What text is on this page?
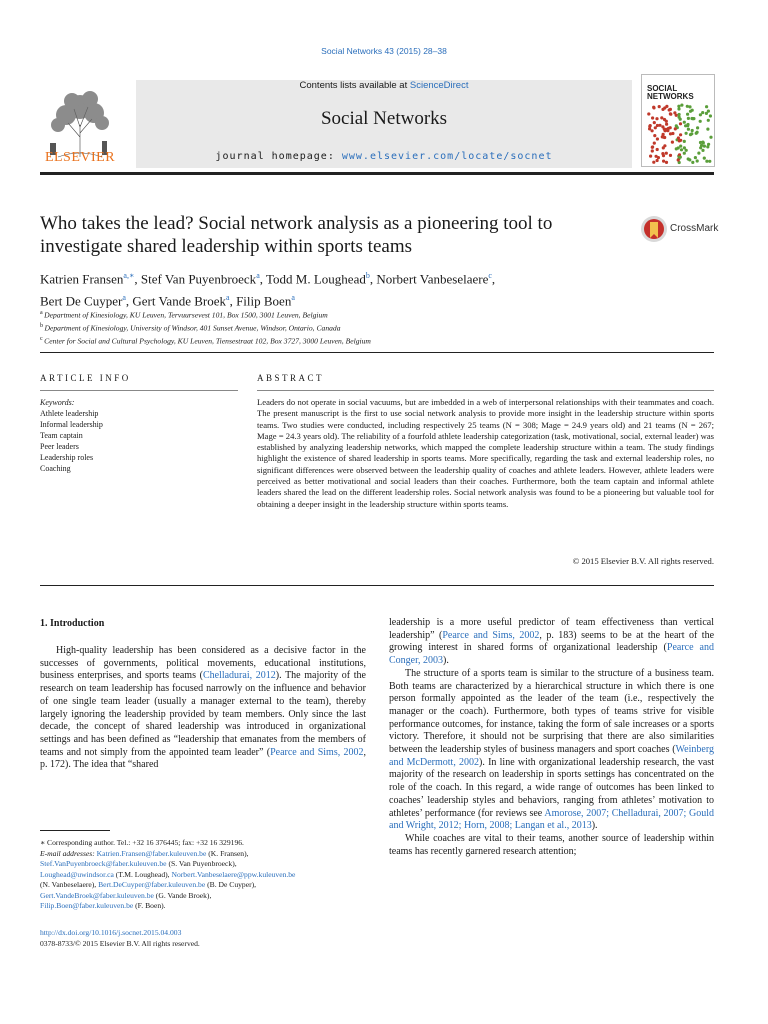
Social Networks 43 (2015) 28–38
Contents lists available at ScienceDirect
Social Networks
journal homepage: www.elsevier.com/locate/socnet
ELSEVIER
SOCIAL
NETWORKS
Who takes the lead? Social network analysis as a pioneering tool to
investigate shared leadership within sports teams
CrossMark
Katrien Fransen$^{a,∗}$, Stef Van Puyenbroeck$^a$, Todd M. Loughead$^b$, Norbert Vanbeselaere$^c$,
Bert De Cuyper$^a$, Gert Vande Broek$^a$, Filip Boen$^a$
$^a$ Department of Kinesiology, KU Leuven, Tervuursevest 101, Box 1500, 3001 Leuven, Belgium
$^b$ Department of Kinesiology, University of Windsor, 401 Sunset Avenue, Windsor, Ontario, Canada
$^c$ Center for Social and Cultural Psychology, KU Leuven, Tiensestraat 102, Box 3727, 3000 Leuven, Belgium
ARTICLE INFO	ABSTRACT
Keywords:
Athlete leadership
Informal leadership
Team captain
Peer leaders
Leadership roles
Coaching
Leaders do not operate in social vacuums, but are imbedded in a web of interpersonal relationships with their teammates and coach. The present manuscript is the first to use social network analysis to provide more insight in the leadership structure within sports teams. Two studies were conducted, including respectively 25 teams (N = 308; Mage = 24.9 years old) and 21 teams (N = 267; Mage = 24.3 years old). The reliability of a fourfold athlete leadership categorization (task, motivational, social, external leader) was established by analyzing leadership networks, which mapped the complete leadership structure within a team. The study findings highlight the existence of shared leadership in sports teams. More specifically, regarding the task and external leadership roles, no significant differences were observed between the leadership quality of coaches and athlete leaders. However, athlete leaders were perceived as better motivational and social leaders than their coaches. Furthermore, both the team captain and informal athlete leaders shared the lead on the different leadership roles. Social network analysis was found to be a pioneering but valuable tool for obtaining a deeper insight in the leadership structure within sports teams.
© 2015 Elsevier B.V. All rights reserved.
1. Introduction

High-quality leadership has been considered as a decisive factor in the successes of governments, political movements, educational institutions, business enterprises, and sports teams (Chelladurai, 2012). The majority of the research on team leadership has focused narrowly on the influence and behavior of one single team leader (usually a manager external to the team), thereby largely ignoring the leadership provided by team members. Only since the last decade, the concept of shared leadership was introduced in organizational settings and has been defined as “leadership that emanates from the members of teams and not simply from the appointed team leader” (Pearce and Sims, 2002, p. 172). The idea that “shared

leadership is a more useful predictor of team effectiveness than vertical leadership” (Pearce and Sims, 2002, p. 183) seems to be at the heart of the growing interest in shared forms of organizational leadership (Pearce and Conger, 2003).

The structure of a sports team is similar to the structure of a business team. Both teams are characterized by a hierarchical structure in which there is one person formally appointed as the leader of the team (i.e., respectively the manager or the coach). Furthermore, both types of teams strive for visible performance outcomes, for instance, taking the form of sale increases or a sports victory. Therefore, it should not be surprising that there are also similarities between the leadership styles of business managers and sport coaches (Weinberg and McDermott, 2002). In line with organizational leadership research, the vast majority of the research on leadership in sports settings has concentrated on the role of the coach. In this regard, a wide range of outcomes has been linked to coaches’ leadership styles and behaviors, ranging from athletes’ motivation to athletes’ performance (for reviews see Amorose, 2007; Chelladurai, 2007; Gould and Wright, 2012; Horn, 2008; Langan et al., 2013).

While coaches are vital to their teams, another source of leadership within teams has recently garnered research attention;

∗ Corresponding author. Tel.: +32 16 376445; fax: +32 16 329196.
E-mail addresses: Katrien.Fransen@faber.kuleuven.be (K. Fransen),
Stef.VanPuyenbroeck@faber.kuleuven.be (S. Van Puyenbroeck),
Loughead@uwindsor.ca (T.M. Loughead), Norbert.Vanbeselaere@ppw.kuleuven.be
(N. Vanbeselaere), Bert.DeCuyper@faber.kuleuven.be (B. De Cuyper),
Gert.VandeBroek@faber.kuleuven.be (G. Vande Broek),
Filip.Boen@faber.kuleuven.be (F. Boen).
http://dx.doi.org/10.1016/j.socnet.2015.04.003
0378-8733/© 2015 Elsevier B.V. All rights reserved.
